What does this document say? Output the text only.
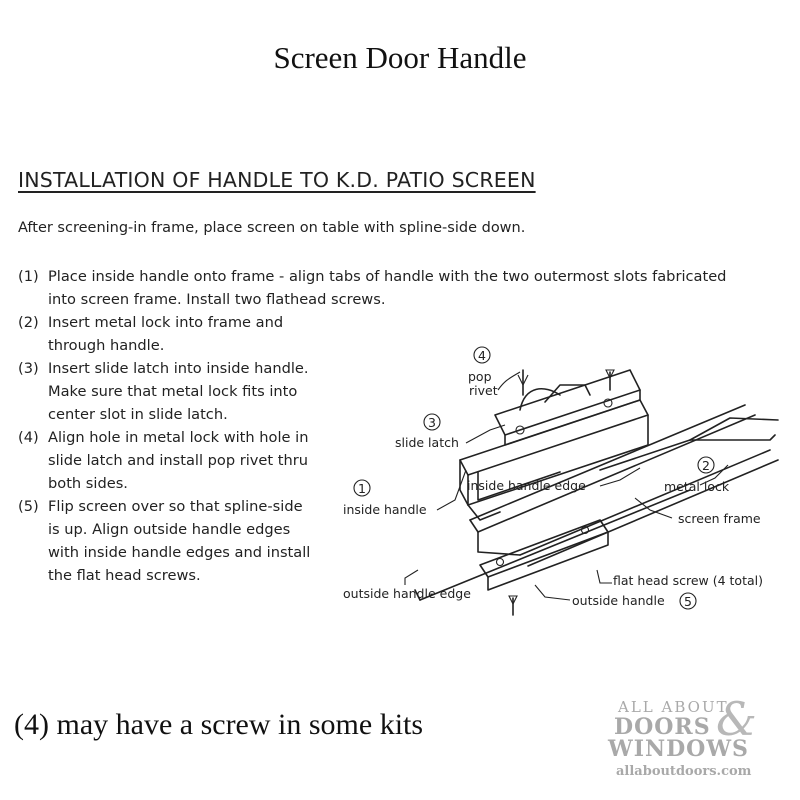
Screen Door Handle
INSTALLATION OF HANDLE TO K.D. PATIO SCREEN
After screening-in frame, place screen on table with spline-side down.
(1) Place inside handle onto frame - align tabs of handle with the two outermost slots fabricated
into screen frame. Install two flathead screws.
(2) Insert metal lock into frame and
through handle.
(3) Insert slide latch into inside handle.
Make sure that metal lock fits into
center slot in slide latch.
(4) Align hole in metal lock with hole in
slide latch and install pop rivet thru
both sides.
(5) Flip screen over so that spline-side
is up. Align outside handle edges
with inside handle edges and install
the flat head screws.
4
pop
rivet
3
slide latch
1
inside handle
inside handle edge
2
metal lock
screen frame
flat head screw (4 total)
outside handle edge	outside handle 5
(4) may have a screw in some kits
ALL ABOUT
&
DOORS
WINDOWS
allaboutdoors.com
